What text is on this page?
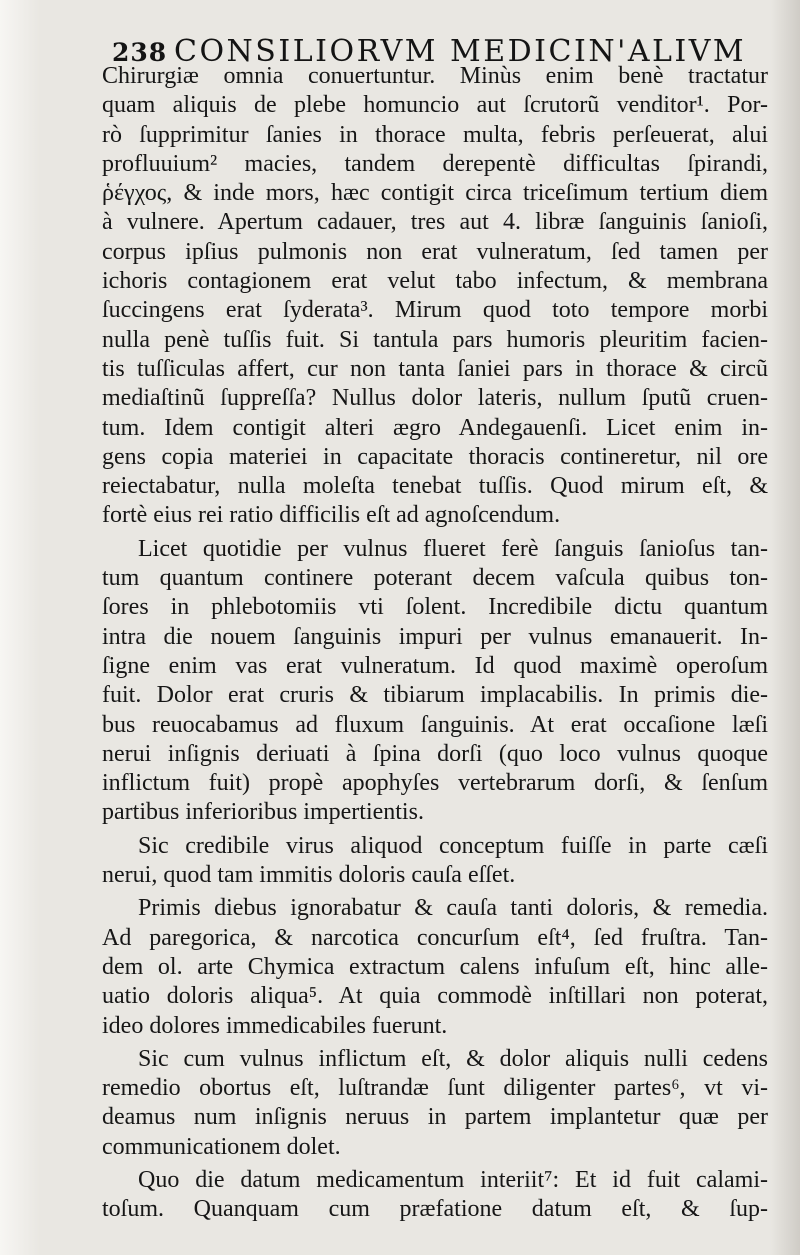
238 CONSILIORVM MEDICIN'ALIVM
Chirurgiæ omnia conuertuntur. Minùs enim benè tractatur
quam aliquis de plebe homuncio aut ſcrutorũ venditor¹. Por-
rò ſupprimitur ſanies in thorace multa, febris perſeuerat, alui
profluuium² macies, tandem derepentè difficultas ſpirandi,
ῥέγχος, & inde mors, hæc contigit circa triceſimum tertium diem
à vulnere. Apertum cadauer, tres aut 4. libræ ſanguinis ſanioſi,
corpus ipſius pulmonis non erat vulneratum, ſed tamen per
ichoris contagionem erat velut tabo infectum, & membrana
ſuccingens erat ſyderata³. Mirum quod toto tempore morbi
nulla penè tuſſis fuit. Si tantula pars humoris pleuritim facien-
tis tuſſiculas affert, cur non tanta ſaniei pars in thorace & circũ
mediaſtinũ ſuppreſſa? Nullus dolor lateris, nullum ſputũ cruen-
tum. Idem contigit alteri ægro Andegauenſi. Licet enim in-
gens copia materiei in capacitate thoracis contineretur, nil ore
reiectabatur, nulla moleſta tenebat tuſſis. Quod mirum eſt, &
fortè eius rei ratio difficilis eſt ad agnoſcendum.
Licet quotidie per vulnus flueret ferè ſanguis ſanioſus tan-
tum quantum continere poterant decem vaſcula quibus ton-
ſores in phlebotomiis vti ſolent. Incredibile dictu quantum
intra die nouem ſanguinis impuri per vulnus emanauerit. In-
ſigne enim vas erat vulneratum. Id quod maximè operoſum
fuit. Dolor erat cruris & tibiarum implacabilis. In primis die-
bus reuocabamus ad fluxum ſanguinis. At erat occaſione læſi
nerui inſignis deriuati à ſpina dorſi (quo loco vulnus quoque
inflictum fuit) propè apophyſes vertebrarum dorſi, & ſenſum
partibus inferioribus impertientis.
Sic credibile virus aliquod conceptum fuiſſe in parte cæſi
nerui, quod tam immitis doloris cauſa eſſet.
Primis diebus ignorabatur & cauſa tanti doloris, & remedia.
Ad paregorica, & narcotica concurſum eſt⁴, ſed fruſtra. Tan-
dem ol. arte Chymica extractum calens infuſum eſt, hinc alle-
uatio doloris aliqua⁵. At quia commodè inſtillari non poterat,
ideo dolores immedicabiles fuerunt.
Sic cum vulnus inflictum eſt, & dolor aliquis nulli cedens
remedio obortus eſt, luſtrandæ ſunt diligenter partes⁶, vt vi-
deamus num inſignis neruus in partem implantetur quæ per
communicationem dolet.
Quo die datum medicamentum interiit⁷: Et id fuit calami-
toſum. Quanquam cum præfatione datum eſt, & ſup-
